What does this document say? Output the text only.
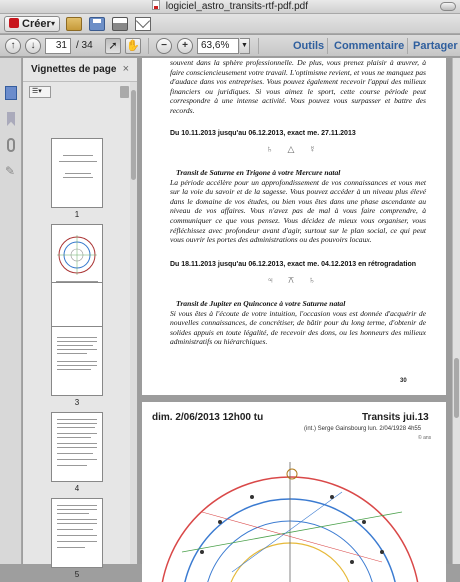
logiciel_astro_transits-rtf-pdf.pdf
Créer ▾
↑	↓	31 / 34	➚ ✋	−	+	63,6%	▼	Outils Commentaire Partager
✎
Vignettes de page ×
☰▾
1
3
4
5
souvent dans la sphère professionnelle. De plus, vous prenez plaisir à œuvrer, à faire consciencieusement votre travail. L'optimisme revient, et vous ne manquez pas d'audace dans vos entreprises. Vous pouvez également recevoir l'appui des milieux financiers ou juridiques. Si vous aimez le sport, cette course période peut correspondre à une intense activité. Vous pouvez vous surpasser et battre des records.
Du 10.11.2013 jusqu'au 06.12.2013, exact me. 27.11.2013
♄ △ ☿
Transit de Saturne en Trigone à votre Mercure natal
La période accélère pour un approfondissement de vos connaissances et vous met sur la voie du savoir et de la sagesse. Vous pouvez accéder à un niveau plus élevé dans le domaine de vos études, ou bien vous êtes dans une phase ascendante au niveau de vos affaires. Vous n'avez pas de mal à vous faire comprendre, à communiquer ce que vous pensez. Vous décidez de mieux vous organiser, vous réfléchissez avec profondeur avant d'agir, surtout sur le plan social, ce qui peut vous ouvrir les portes des administrations ou des pouvoirs locaux.
Du 18.11.2013 jusqu'au 06.12.2013, exact me. 04.12.2013 en rétrogradation
♃ ⚻ ♄
Transit de Jupiter en Quinconce à votre Saturne natal
Si vous êtes à l'écoute de votre intuition, l'occasion vous est donnée d'acquérir de nouvelles connaissances, de concrétiser, de bâtir pour du long terme, d'obtenir de solides appuis en toute légalité, de recevoir des dons, ou les honneurs des milieux administratifs ou hiérarchiques.
30
dim. 2/06/2013 12h00 tu	Transits jui.13
(int.) Serge Gainsbourg lun. 2/04/1928 4h55
© ans
